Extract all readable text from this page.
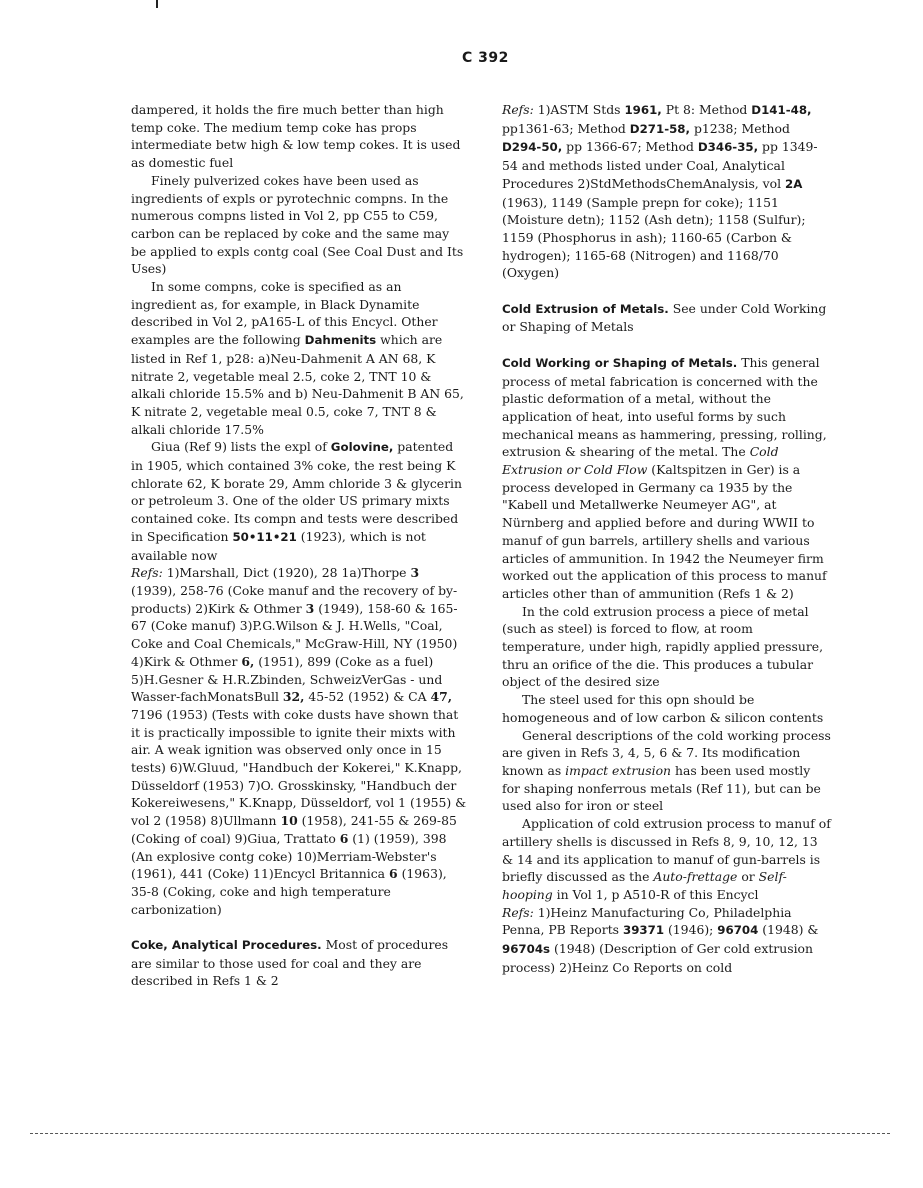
C 392

dampered, it holds the fire much better than high temp coke. The medium temp coke has props intermediate betw high & low temp cokes. It is used as domestic fuel

Finely pulverized cokes have been used as ingredients of expls or pyrotechnic compns. In the numerous compns listed in Vol 2, pp C55 to C59, carbon can be replaced by coke and the same may be applied to expls contg coal (See Coal Dust and Its Uses)

In some compns, coke is specified as an ingredient as, for example, in Black Dynamite described in Vol 2, pA165-L of this Encycl. Other examples are the following Dahmenits which are listed in Ref 1, p28: a)Neu-Dahmenit A AN 68, K nitrate 2, vegetable meal 2.5, coke 2, TNT 10 & alkali chloride 15.5% and b) Neu-Dahmenit B AN 65, K nitrate 2, vegetable meal 0.5, coke 7, TNT 8 & alkali chloride 17.5%

Giua (Ref 9) lists the expl of Golovine, patented in 1905, which contained 3% coke, the rest being K chlorate 62, K borate 29, Amm chloride 3 & glycerin or petroleum 3. One of the older US primary mixts contained coke. Its compn and tests were described in Specification 50•11•21 (1923), which is not available now

Refs: 1)Marshall, Dict (1920), 28 1a)Thorpe 3 (1939), 258-76 (Coke manuf and the recovery of by-products) 2)Kirk & Othmer 3 (1949), 158-60 & 165-67 (Coke manuf) 3)P.G.Wilson & J. H.Wells, "Coal, Coke and Coal Chemicals," McGraw-Hill, NY (1950) 4)Kirk & Othmer 6, (1951), 899 (Coke as a fuel) 5)H.Gesner & H.R.Zbinden, SchweizVerGas - und Wasser-fachMonatsBull 32, 45-52 (1952) & CA 47, 7196 (1953) (Tests with coke dusts have shown that it is practically impossible to ignite their mixts with air. A weak ignition was observed only once in 15 tests) 6)W.Gluud, "Handbuch der Kokerei," K.Knapp, Düsseldorf (1953) 7)O. Grosskinsky, "Handbuch der Kokereiwesens," K.Knapp, Düsseldorf, vol 1 (1955) & vol 2 (1958) 8)Ullmann 10 (1958), 241-55 & 269-85 (Coking of coal) 9)Giua, Trattato 6 (1) (1959), 398 (An explosive contg coke) 10)Merriam-Webster's (1961), 441 (Coke) 11)Encycl Britannica 6 (1963), 35-8 (Coking, coke and high temperature carbonization)

Coke, Analytical Procedures. Most of procedures are similar to those used for coal and they are described in Refs 1 & 2

Refs: 1)ASTM Stds 1961, Pt 8: Method D141-48, pp1361-63; Method D271-58, p1238; Method D294-50, pp 1366-67; Method D346-35, pp 1349-54 and methods listed under Coal, Analytical Procedures 2)StdMethodsChemAnalysis, vol 2A (1963), 1149 (Sample prepn for coke); 1151 (Moisture detn); 1152 (Ash detn); 1158 (Sulfur); 1159 (Phosphorus in ash); 1160-65 (Carbon & hydrogen); 1165-68 (Nitrogen) and 1168/70 (Oxygen)

Cold Extrusion of Metals. See under Cold Working or Shaping of Metals

Cold Working or Shaping of Metals. This general process of metal fabrication is concerned with the plastic deformation of a metal, without the application of heat, into useful forms by such mechanical means as hammering, pressing, rolling, extrusion & shearing of the metal. The Cold Extrusion or Cold Flow (Kaltspitzen in Ger) is a process developed in Germany ca 1935 by the "Kabell und Metallwerke Neumeyer AG", at Nürnberg and applied before and during WWII to manuf of gun barrels, artillery shells and various articles of ammunition. In 1942 the Neumeyer firm worked out the application of this process to manuf articles other than of ammunition (Refs 1 & 2)

In the cold extrusion process a piece of metal (such as steel) is forced to flow, at room temperature, under high, rapidly applied pressure, thru an orifice of the die. This produces a tubular object of the desired size

The steel used for this opn should be homogeneous and of low carbon & silicon contents

General descriptions of the cold working process are given in Refs 3, 4, 5, 6 & 7. Its modification known as impact extrusion has been used mostly for shaping nonferrous metals (Ref 11), but can be used also for iron or steel

Application of cold extrusion process to manuf of artillery shells is discussed in Refs 8, 9, 10, 12, 13 & 14 and its application to manuf of gun-barrels is briefly discussed as the Auto-frettage or Self-hooping in Vol 1, p A510-R of this Encycl

Refs: 1)Heinz Manufacturing Co, Philadelphia Penna, PB Reports 39371 (1946); 96704 (1948) & 96704s (1948) (Description of Ger cold extrusion process) 2)Heinz Co Reports on cold
